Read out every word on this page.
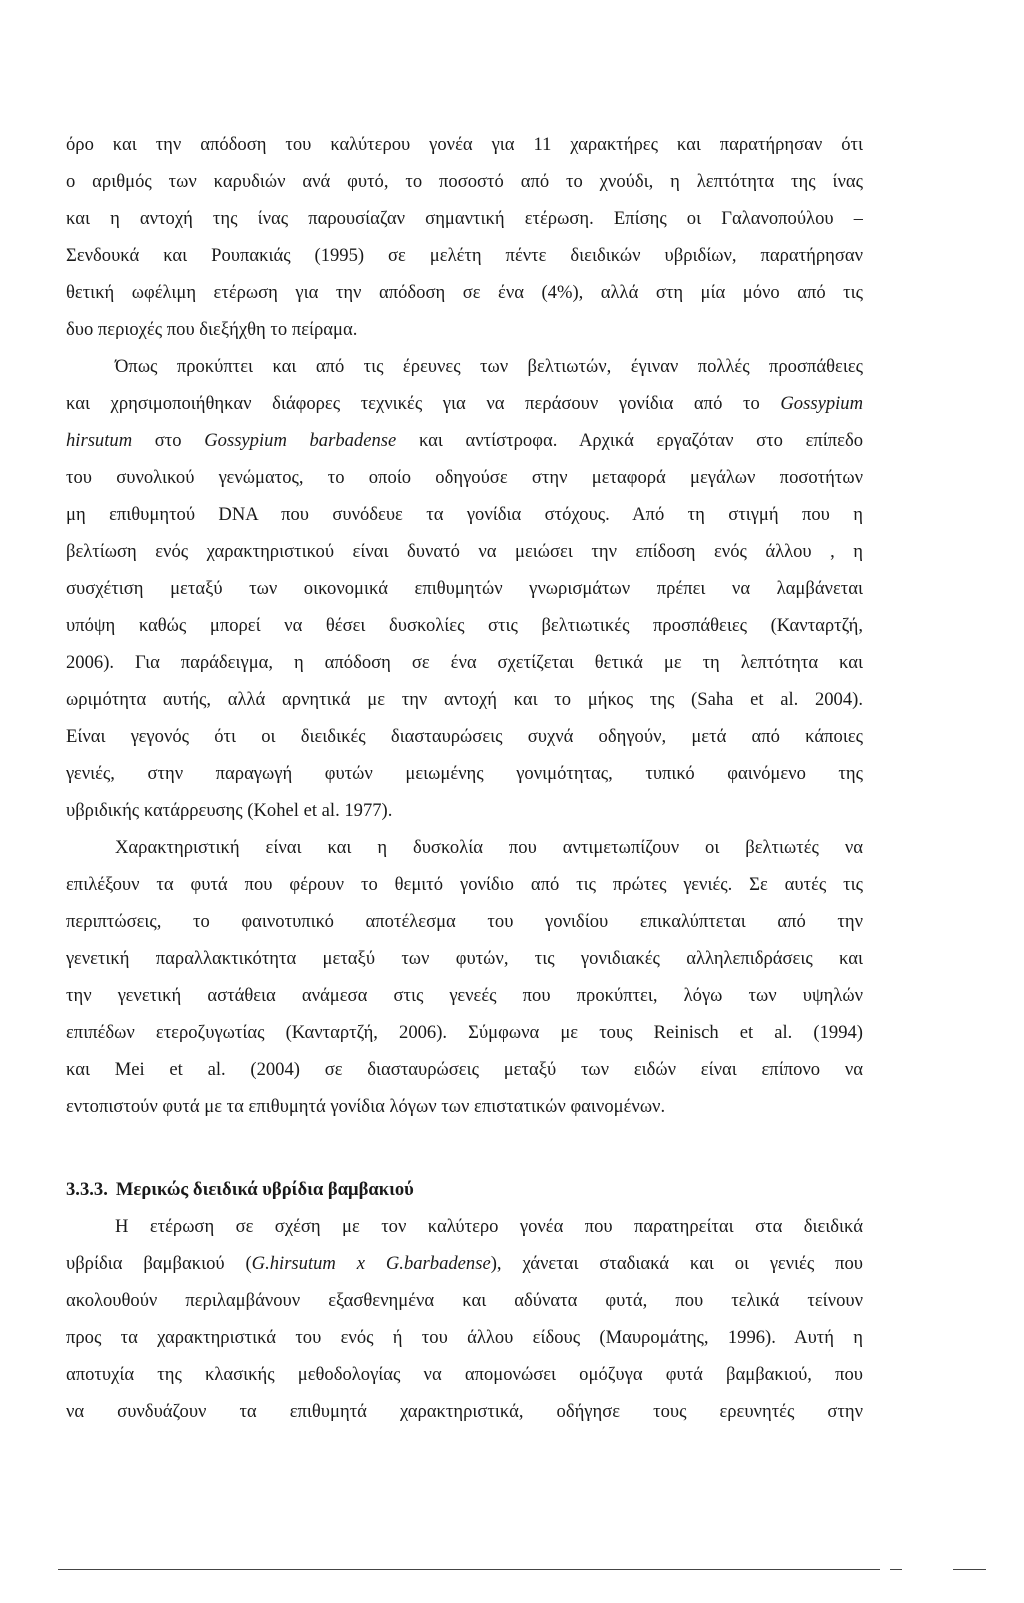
όρο και την απόδοση του καλύτερου γονέα για 11 χαρακτήρες και παρατήρησαν ότι
ο αριθμός των καρυδιών ανά φυτό, το ποσοστό από το χνούδι, η λεπτότητα της ίνας
και η αντοχή της ίνας παρουσίαζαν σημαντική ετέρωση. Επίσης οι Γαλανοπούλου –
Σενδουκά και Ρουπακιάς (1995) σε μελέτη πέντε διειδικών υβριδίων, παρατήρησαν
θετική ωφέλιμη ετέρωση για την απόδοση σε ένα (4%), αλλά στη μία μόνο από τις
δυο περιοχές που διεξήχθη το πείραμα.
Όπως προκύπτει και από τις έρευνες των βελτιωτών, έγιναν πολλές προσπάθειες
και χρησιμοποιήθηκαν διάφορες τεχνικές για να περάσουν γονίδια από το Gossypium
hirsutum στο Gossypium barbadense και αντίστροφα. Αρχικά εργαζόταν στο επίπεδο
του συνολικού γενώματος, το οποίο οδηγούσε στην μεταφορά μεγάλων ποσοτήτων
μη επιθυμητού DNA που συνόδευε τα γονίδια στόχους. Από τη στιγμή που η
βελτίωση ενός χαρακτηριστικού είναι δυνατό να μειώσει την επίδοση ενός άλλου , η
συσχέτιση μεταξύ των οικονομικά επιθυμητών γνωρισμάτων πρέπει να λαμβάνεται
υπόψη καθώς μπορεί να θέσει δυσκολίες στις βελτιωτικές προσπάθειες (Κανταρτζή,
2006). Για παράδειγμα, η απόδοση σε ένα σχετίζεται θετικά με τη λεπτότητα και
ωριμότητα αυτής, αλλά αρνητικά με την αντοχή και το μήκος της (Saha et al. 2004).
Είναι γεγονός ότι οι διειδικές διασταυρώσεις συχνά οδηγούν, μετά από κάποιες
γενιές, στην παραγωγή φυτών μειωμένης γονιμότητας, τυπικό φαινόμενο της
υβριδικής κατάρρευσης (Kohel et al. 1977).
Χαρακτηριστική είναι και η δυσκολία που αντιμετωπίζουν οι βελτιωτές να
επιλέξουν τα φυτά που φέρουν το θεμιτό γονίδιο από τις πρώτες γενιές. Σε αυτές τις
περιπτώσεις, το φαινοτυπικό αποτέλεσμα του γονιδίου επικαλύπτεται από την
γενετική παραλλακτικότητα μεταξύ των φυτών, τις γονιδιακές αλληλεπιδράσεις και
την γενετική αστάθεια ανάμεσα στις γενεές που προκύπτει, λόγω των υψηλών
επιπέδων ετεροζυγωτίας (Κανταρτζή, 2006). Σύμφωνα με τους Reinisch et al. (1994)
και Mei et al. (2004) σε διασταυρώσεις μεταξύ των ειδών είναι επίπονο να
εντοπιστούν φυτά με τα επιθυμητά γονίδια λόγων των επιστατικών φαινομένων.
3.3.3. Μερικώς διειδικά υβρίδια βαμβακιού
Η ετέρωση σε σχέση με τον καλύτερο γονέα που παρατηρείται στα διειδικά
υβρίδια βαμβακιού (G.hirsutum x G.barbadense), χάνεται σταδιακά και οι γενιές που
ακολουθούν περιλαμβάνουν εξασθενημένα και αδύνατα φυτά, που τελικά τείνουν
προς τα χαρακτηριστικά του ενός ή του άλλου είδους (Μαυρομάτης, 1996). Αυτή η
αποτυχία της κλασικής μεθοδολογίας να απομονώσει ομόζυγα φυτά βαμβακιού, που
να συνδυάζουν τα επιθυμητά χαρακτηριστικά, οδήγησε τους ερευνητές στην
